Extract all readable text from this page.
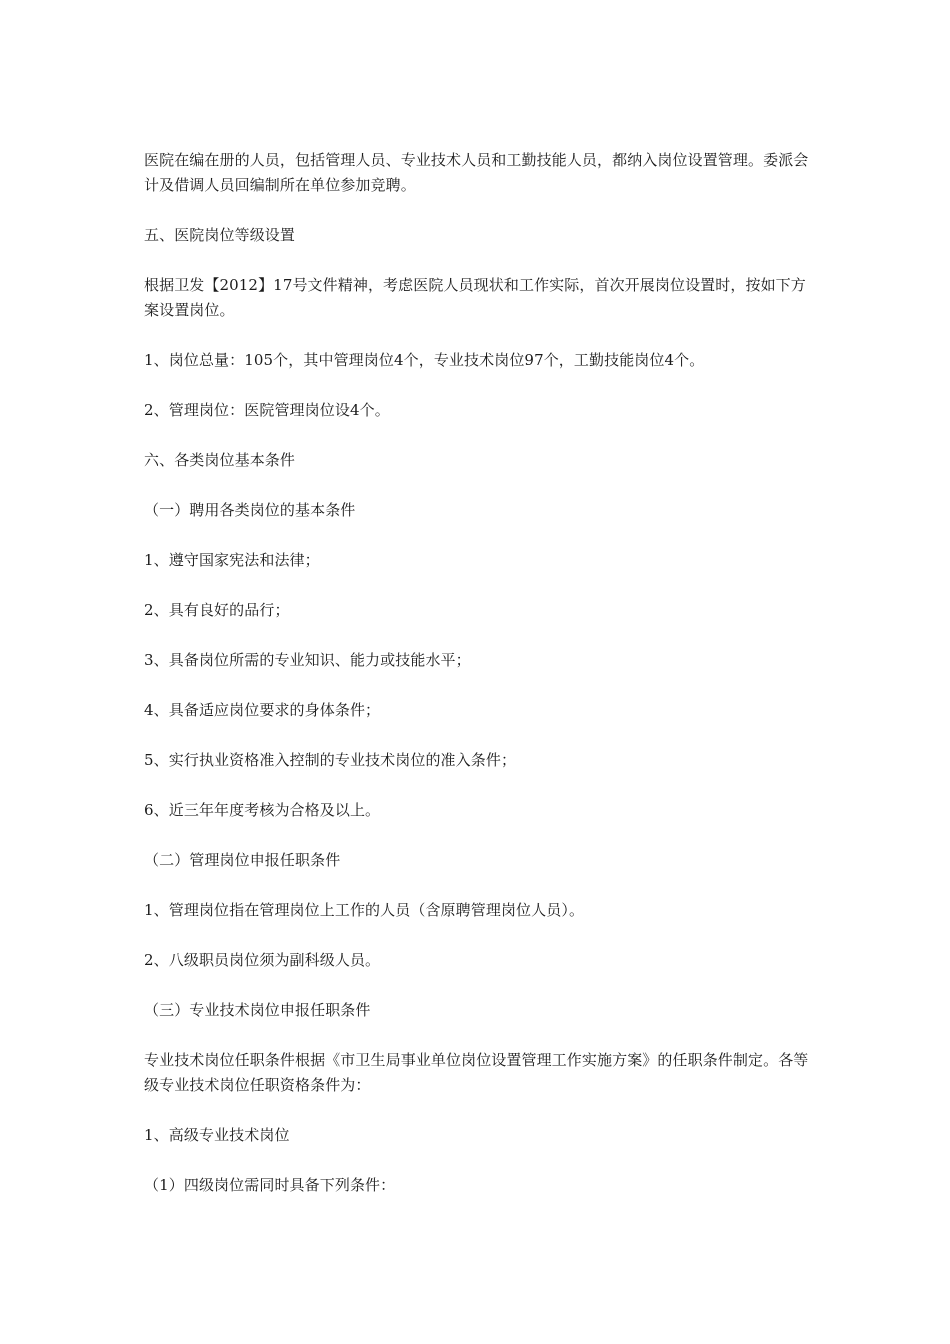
医院在编在册的人员，包括管理人员、专业技术人员和工勤技能人员，都纳入岗位设置管理。委派会计及借调人员回编制所在单位参加竞聘。

五、医院岗位等级设置

根据卫发【2012】17号文件精神，考虑医院人员现状和工作实际，首次开展岗位设置时，按如下方案设置岗位。

1、岗位总量：105个，其中管理岗位4个，专业技术岗位97个，工勤技能岗位4个。

2、管理岗位：医院管理岗位设4个。

六、各类岗位基本条件

（一）聘用各类岗位的基本条件

1、遵守国家宪法和法律；

2、具有良好的品行；

3、具备岗位所需的专业知识、能力或技能水平；

4、具备适应岗位要求的身体条件；

5、实行执业资格准入控制的专业技术岗位的准入条件；

6、近三年年度考核为合格及以上。

（二）管理岗位申报任职条件

1、管理岗位指在管理岗位上工作的人员（含原聘管理岗位人员）。

2、八级职员岗位须为副科级人员。

（三）专业技术岗位申报任职条件

专业技术岗位任职条件根据《市卫生局事业单位岗位设置管理工作实施方案》的任职条件制定。各等级专业技术岗位任职资格条件为：

1、高级专业技术岗位

（1）四级岗位需同时具备下列条件：
